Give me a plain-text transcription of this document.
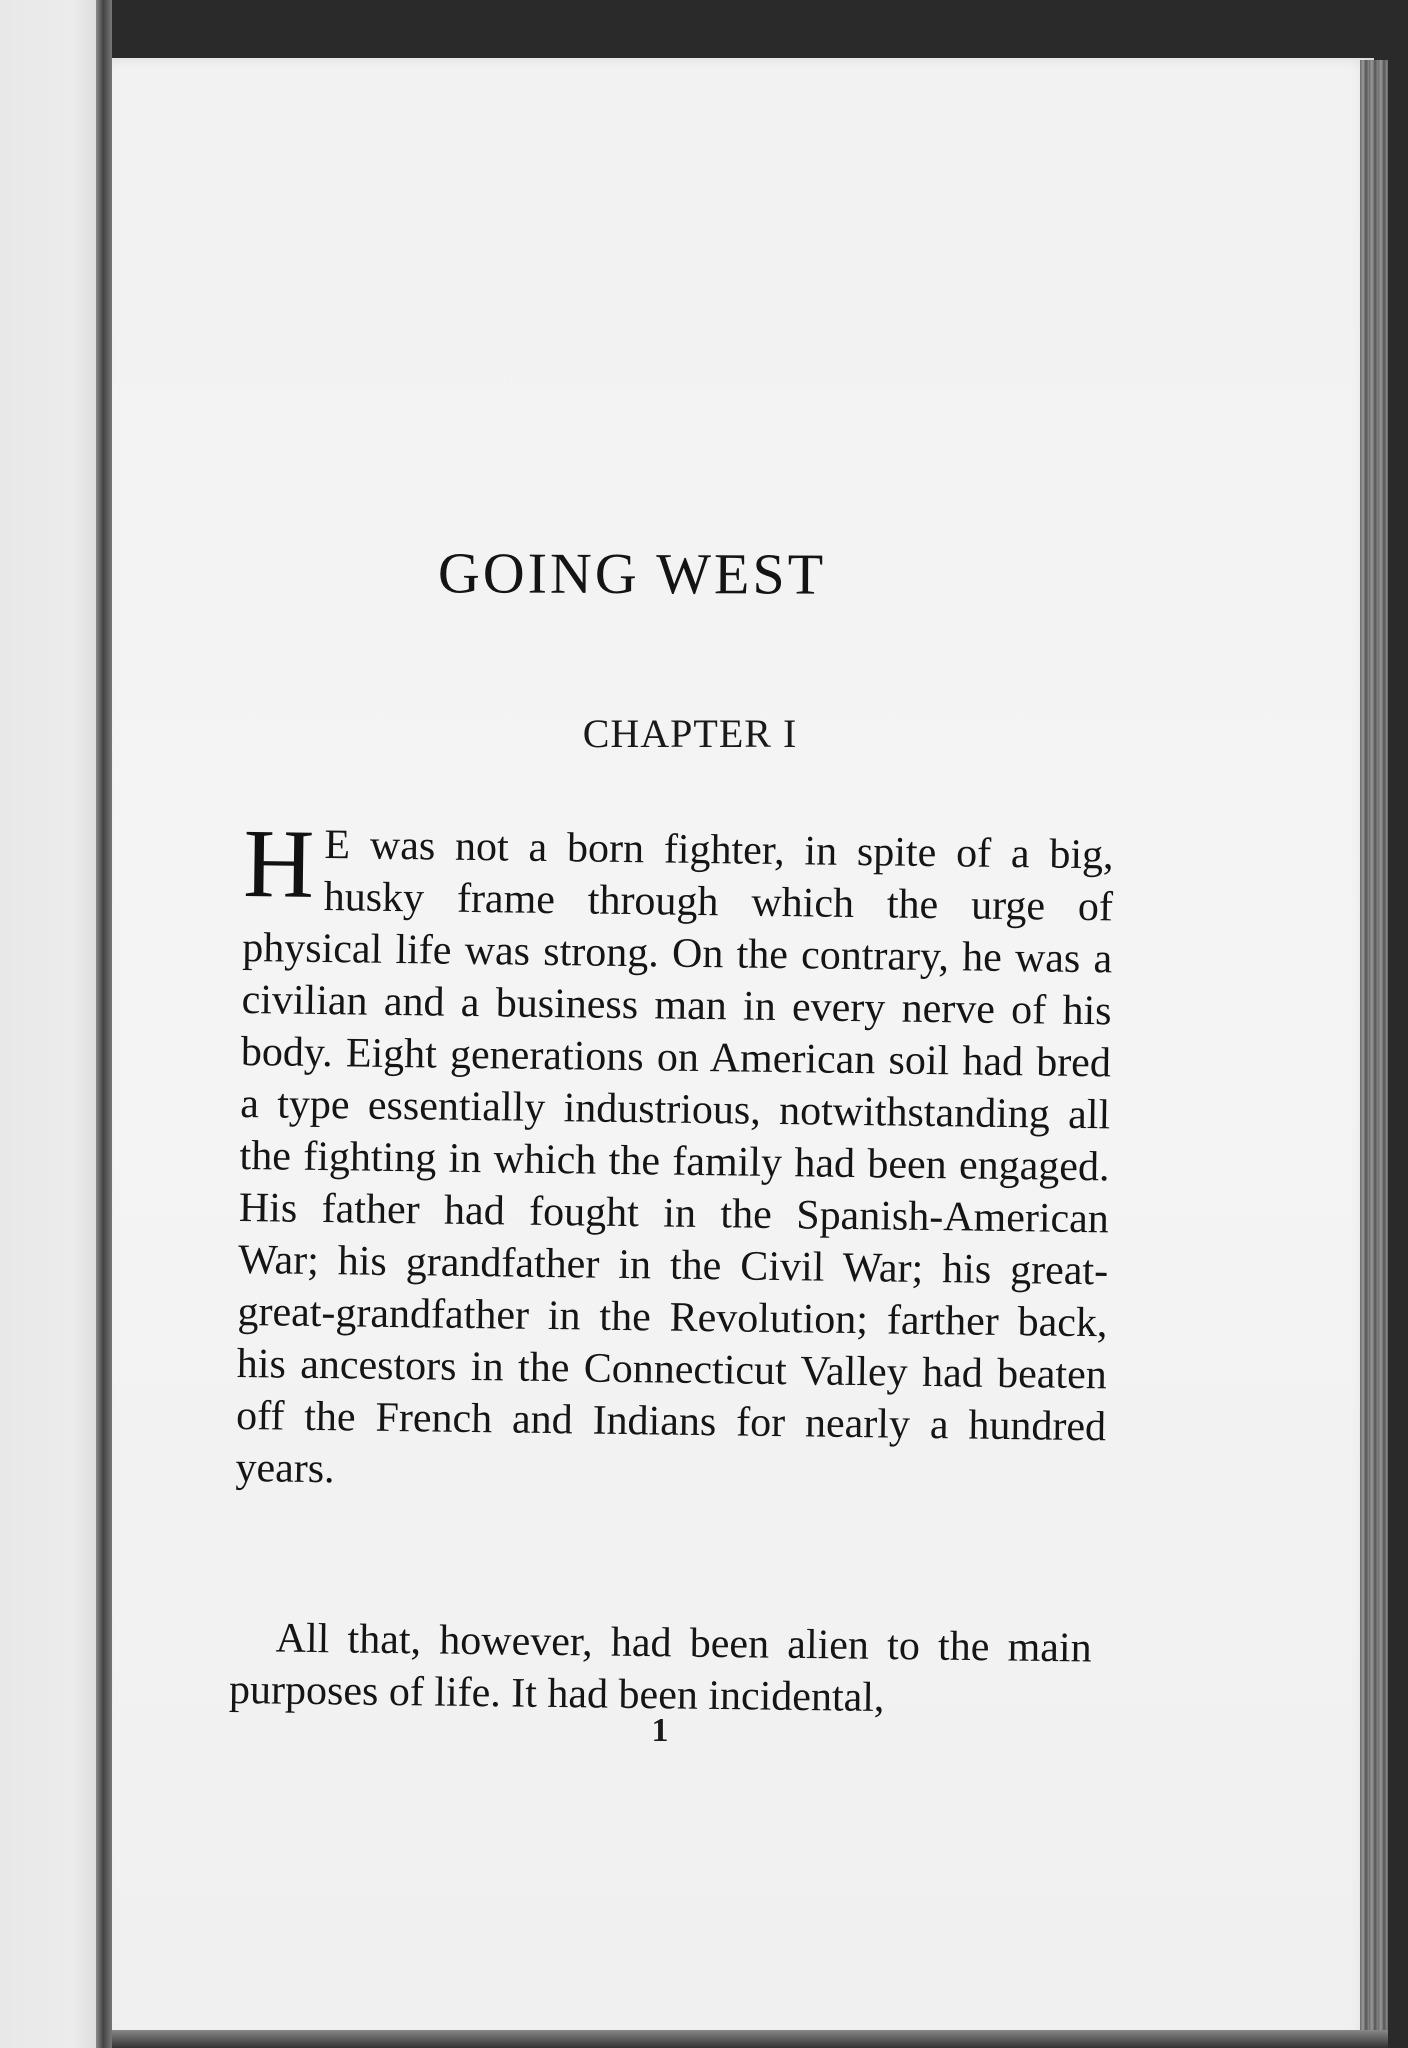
GOING WEST
CHAPTER I
H E was not a born fighter, in spite of a big, husky frame through which the urge of physical life was strong. On the contrary, he was a civilian and a business man in every nerve of his body. Eight generations on American soil had bred a type essentially industrious, notwithstanding all the fighting in which the family had been engaged. His father had fought in the Spanish-American War; his grandfather in the Civil War; his great-great-grandfather in the Revolution; farther back, his ancestors in the Connecticut Valley had beaten off the French and Indians for nearly a hundred years.
All that, however, had been alien to the main purposes of life. It had been incidental,
1
